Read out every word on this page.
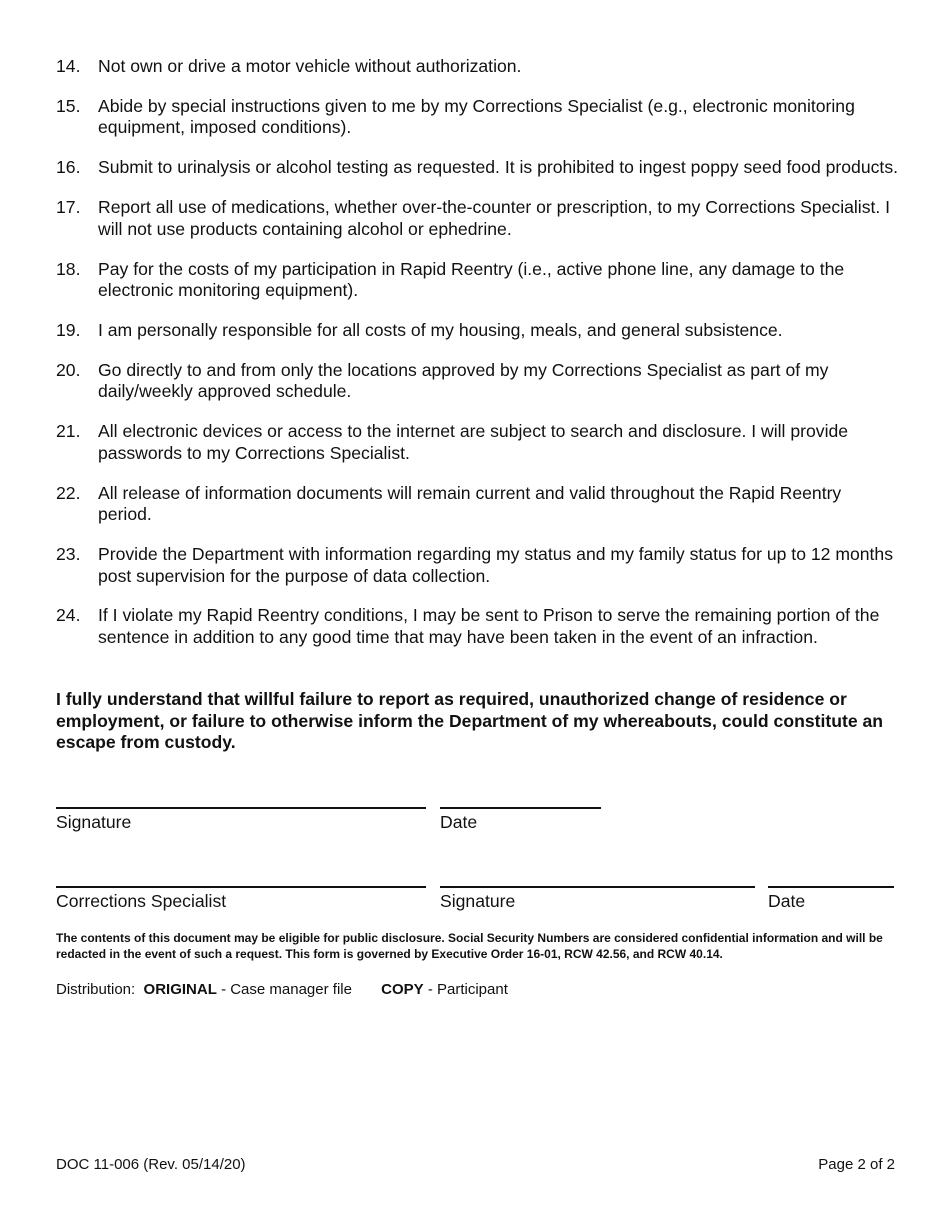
14. Not own or drive a motor vehicle without authorization.
15. Abide by special instructions given to me by my Corrections Specialist (e.g., electronic monitoring equipment, imposed conditions).
16. Submit to urinalysis or alcohol testing as requested. It is prohibited to ingest poppy seed food products.
17. Report all use of medications, whether over-the-counter or prescription, to my Corrections Specialist. I will not use products containing alcohol or ephedrine.
18. Pay for the costs of my participation in Rapid Reentry (i.e., active phone line, any damage to the electronic monitoring equipment).
19. I am personally responsible for all costs of my housing, meals, and general subsistence.
20. Go directly to and from only the locations approved by my Corrections Specialist as part of my daily/weekly approved schedule.
21. All electronic devices or access to the internet are subject to search and disclosure. I will provide passwords to my Corrections Specialist.
22. All release of information documents will remain current and valid throughout the Rapid Reentry period.
23. Provide the Department with information regarding my status and my family status for up to 12 months post supervision for the purpose of data collection.
24. If I violate my Rapid Reentry conditions, I may be sent to Prison to serve the remaining portion of the sentence in addition to any good time that may have been taken in the event of an infraction.
I fully understand that willful failure to report as required, unauthorized change of residence or employment, or failure to otherwise inform the Department of my whereabouts, could constitute an escape from custody.
Signature	Date
Corrections Specialist	Signature	Date
The contents of this document may be eligible for public disclosure. Social Security Numbers are considered confidential information and will be redacted in the event of such a request. This form is governed by Executive Order 16-01, RCW 42.56, and RCW 40.14.
Distribution: ORIGINAL - Case manager file COPY - Participant
DOC 11-006 (Rev. 05/14/20)	Page 2 of 2
